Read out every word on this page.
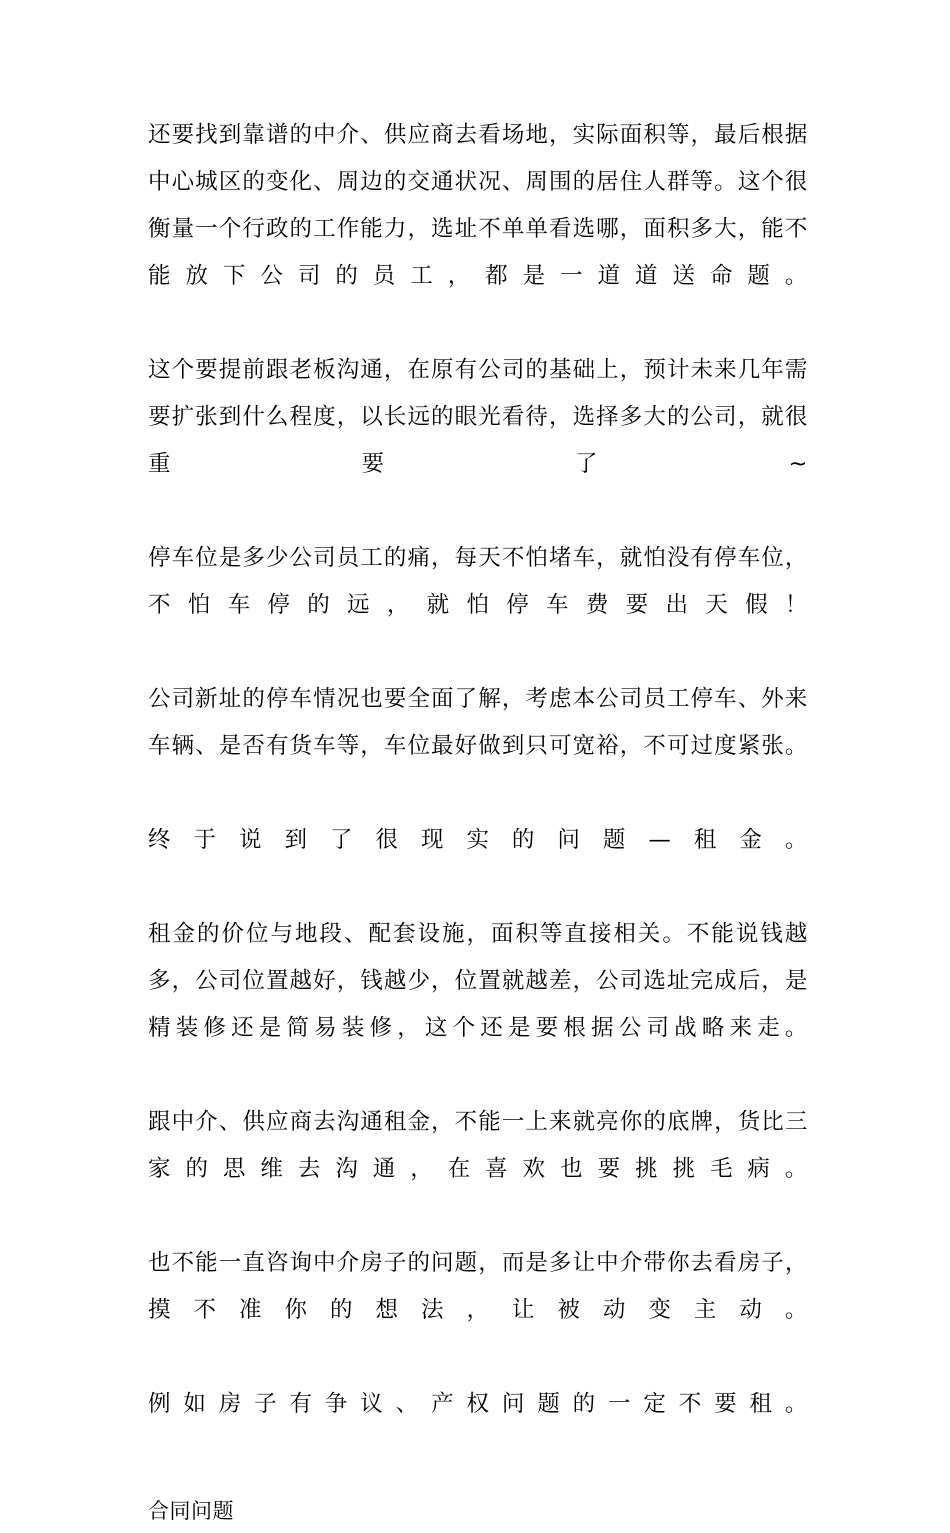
还要找到靠谱的中介、供应商去看场地，实际面积等，最后根据中心城区的变化、周边的交通状况、周围的居住人群等。这个很衡量一个行政的工作能力，选址不单单看选哪，面积多大，能不能放下公司的员工，都是一道道送命题。

这个要提前跟老板沟通，在原有公司的基础上，预计未来几年需要扩张到什么程度，以长远的眼光看待，选择多大的公司，就很重要了~

停车位是多少公司员工的痛，每天不怕堵车，就怕没有停车位，不怕车停的远，就怕停车费要出天假！

公司新址的停车情况也要全面了解，考虑本公司员工停车、外来车辆、是否有货车等，车位最好做到只可宽裕，不可过度紧张。

终于说到了很现实的问题—租金。

租金的价位与地段、配套设施，面积等直接相关。不能说钱越多，公司位置越好，钱越少，位置就越差，公司选址完成后，是精装修还是简易装修，这个还是要根据公司战略来走。

跟中介、供应商去沟通租金，不能一上来就亮你的底牌，货比三家的思维去沟通，在喜欢也要挑挑毛病。

也不能一直咨询中介房子的问题，而是多让中介带你去看房子，摸不准你的想法，让被动变主动。

例如房子有争议、产权问题的一定不要租。

合同问题
